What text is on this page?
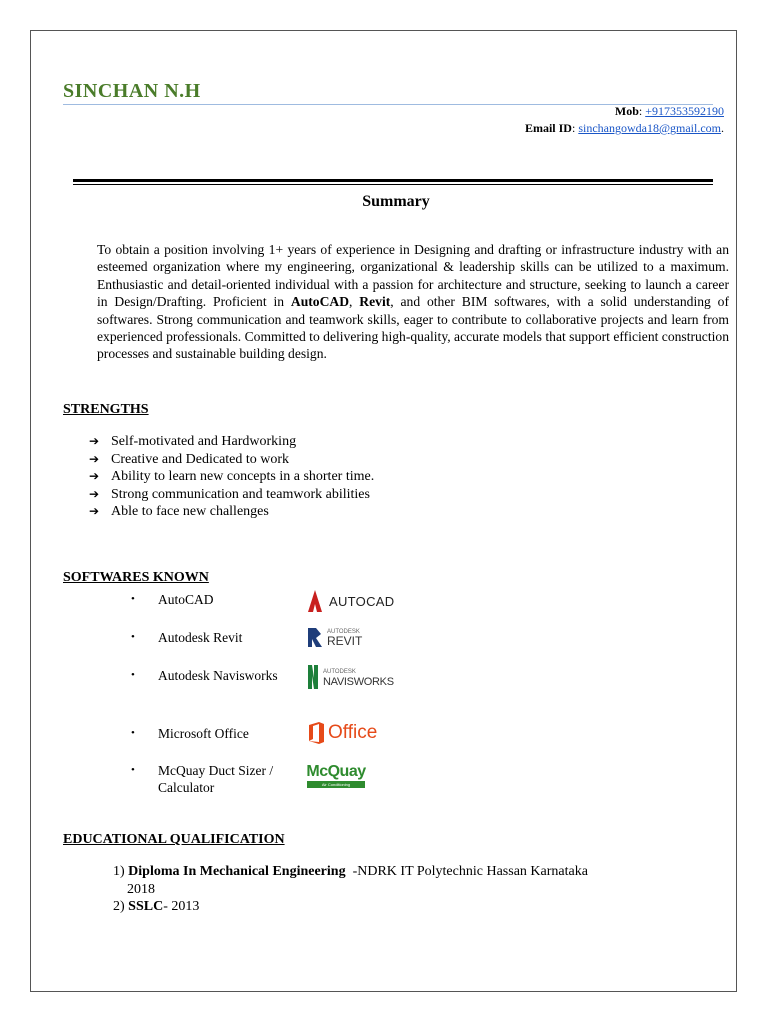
SINCHAN N.H
Mob: +917353592190
Email ID: sinchangowda18@gmail.com.
Summary
To obtain a position involving 1+ years of experience in Designing and drafting or infrastructure industry with an esteemed organization where my engineering, organizational & leadership skills can be utilized to a maximum. Enthusiastic and detail-oriented individual with a passion for architecture and structure, seeking to launch a career in Design/Drafting. Proficient in AutoCAD, Revit, and other BIM softwares, with a solid understanding of softwares. Strong communication and teamwork skills, eager to contribute to collaborative projects and learn from experienced professionals. Committed to delivering high-quality, accurate models that support efficient construction processes and sustainable building design.
STRENGTHS
➔ Self-motivated and Hardworking
➔ Creative and Dedicated to work
➔ Ability to learn new concepts in a shorter time.
➔ Strong communication and teamwork abilities
➔ Able to face new challenges
SOFTWARES KNOWN
• AutoCAD	AUTOCAD
• Autodesk Revit	AUTODESK
REVIT
• Autodesk Navisworks	AUTODESK
NAVISWORKS
• Microsoft Office	Office
• McQuay Duct Sizer / Calculator
McQuay
Air Conditioning
EDUCATIONAL QUALIFICATION
1) Diploma In Mechanical Engineering  -NDRK IT Polytechnic Hassan Karnataka
2018
2) SSLC- 2013
